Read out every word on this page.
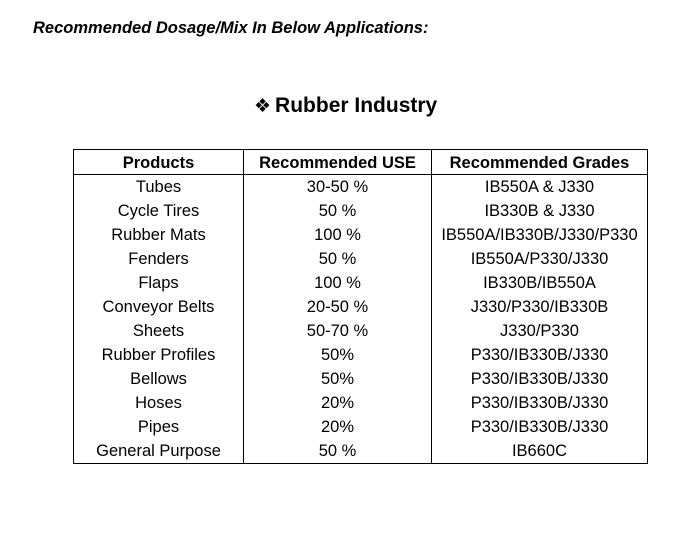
Recommended Dosage/Mix In Below Applications:
❖ Rubber Industry
Products	Recommended USE	Recommended Grades
Tubes	30-50 %	IB550A & J330
Cycle Tires	50 %	IB330B & J330
Rubber Mats	100 %	IB550A/IB330B/J330/P330
Fenders	50 %	IB550A/P330/J330
Flaps	100 %	IB330B/IB550A
Conveyor Belts	20-50 %	J330/P330/IB330B
Sheets	50-70 %	J330/P330
Rubber Profiles	50%	P330/IB330B/J330
Bellows	50%	P330/IB330B/J330
Hoses	20%	P330/IB330B/J330
Pipes	20%	P330/IB330B/J330
General Purpose	50 %	IB660C
